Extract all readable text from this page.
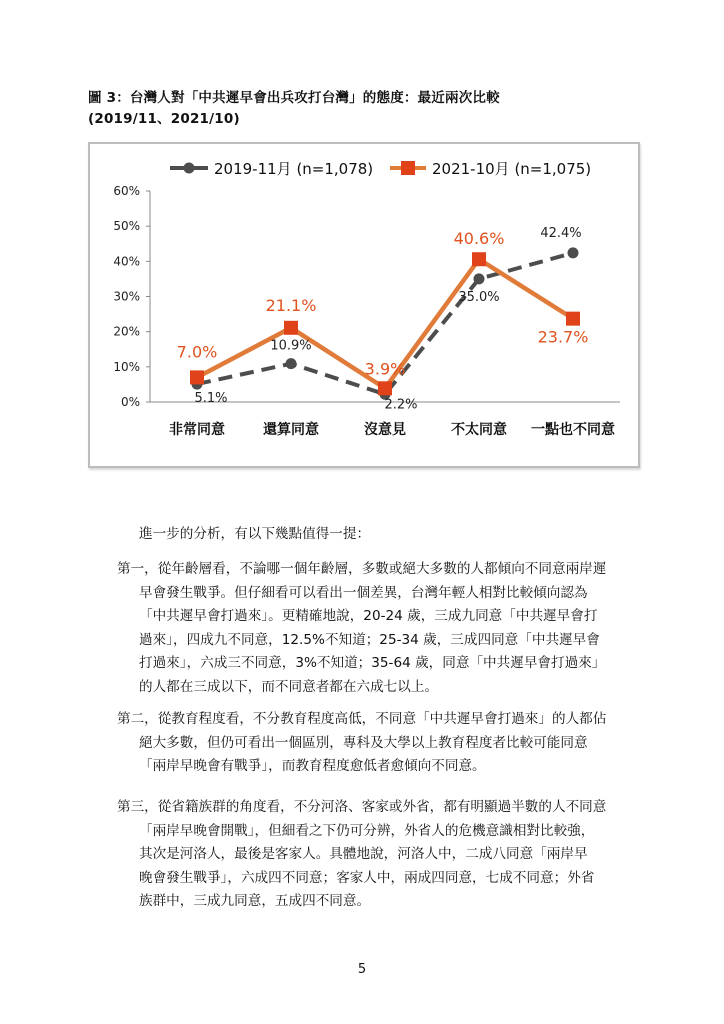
圖 3：台灣人對「中共遲早會出兵攻打台灣」的態度：最近兩次比較
(2019/11、2021/10)
0%
10%
20%
30%
40%
50%
60%
非常同意	還算同意	沒意見	不太同意 一點也不同意
5.1%
10.9%
2.2%
35.0%
42.4%
7.0%
21.1%
3.9%
40.6%
23.7%
2019-11月 (n=1,078)	2021-10月 (n=1,075)
進一步的分析，有以下幾點值得一提：
第一，從年齡層看，不論哪一個年齡層，多數或絕大多數的人都傾向不同意兩岸遲
早會發生戰爭。但仔細看可以看出一個差異，台灣年輕人相對比較傾向認為
「中共遲早會打過來」。更精確地說，20-24 歲，三成九同意「中共遲早會打
過來」，四成九不同意，12.5%不知道；25-34 歲，三成四同意「中共遲早會
打過來」，六成三不同意，3%不知道；35-64 歲，同意「中共遲早會打過來」
的人都在三成以下，而不同意者都在六成七以上。
第二，從教育程度看，不分教育程度高低，不同意「中共遲早會打過來」的人都佔
絕大多數，但仍可看出一個區別，專科及大學以上教育程度者比較可能同意
「兩岸早晚會有戰爭」，而教育程度愈低者愈傾向不同意。
第三，從省籍族群的角度看，不分河洛、客家或外省，都有明顯過半數的人不同意
「兩岸早晚會開戰」，但細看之下仍可分辨，外省人的危機意識相對比較強，
其次是河洛人，最後是客家人。具體地說，河洛人中，二成八同意「兩岸早
晚會發生戰爭」，六成四不同意；客家人中，兩成四同意，七成不同意；外省
族群中，三成九同意，五成四不同意。
5
